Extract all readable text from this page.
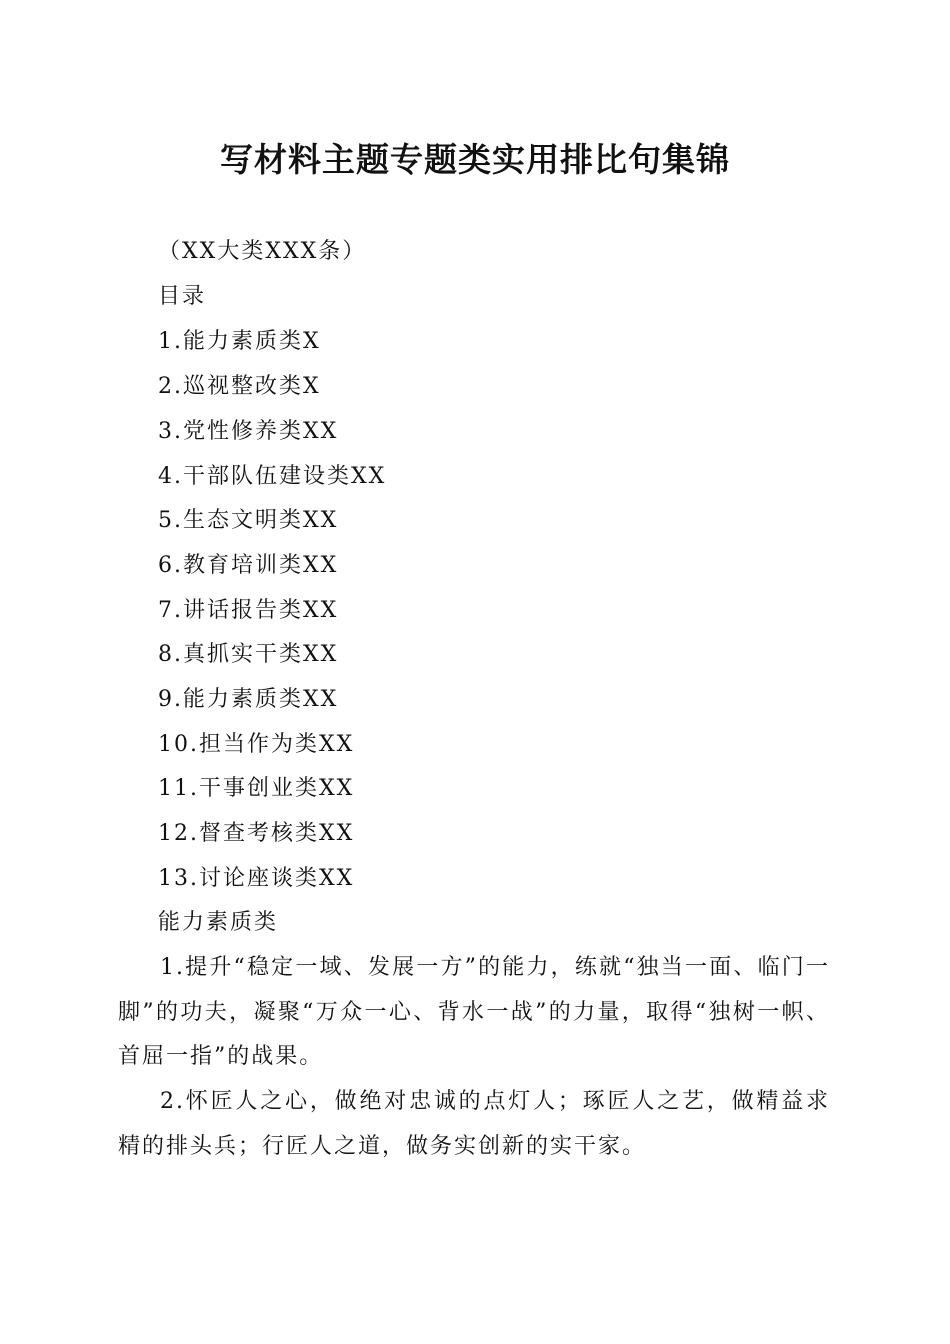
写材料主题专题类实用排比句集锦

（XX大类XXX条）

目录

1.能力素质类X

2.巡视整改类X

3.党性修养类XX

4.干部队伍建设类XX

5.生态文明类XX

6.教育培训类XX

7.讲话报告类XX

8.真抓实干类XX

9.能力素质类XX

10.担当作为类XX

11.干事创业类XX

12.督查考核类XX

13.讨论座谈类XX

能力素质类

1.提升“稳定一域、发展一方”的能力，练就“独当一面、临门一脚”的功夫，凝聚“万众一心、背水一战”的力量，取得“独树一帜、首屈一指”的战果。

2.怀匠人之心，做绝对忠诚的点灯人；琢匠人之艺，做精益求精的排头兵；行匠人之道，做务实创新的实干家。
